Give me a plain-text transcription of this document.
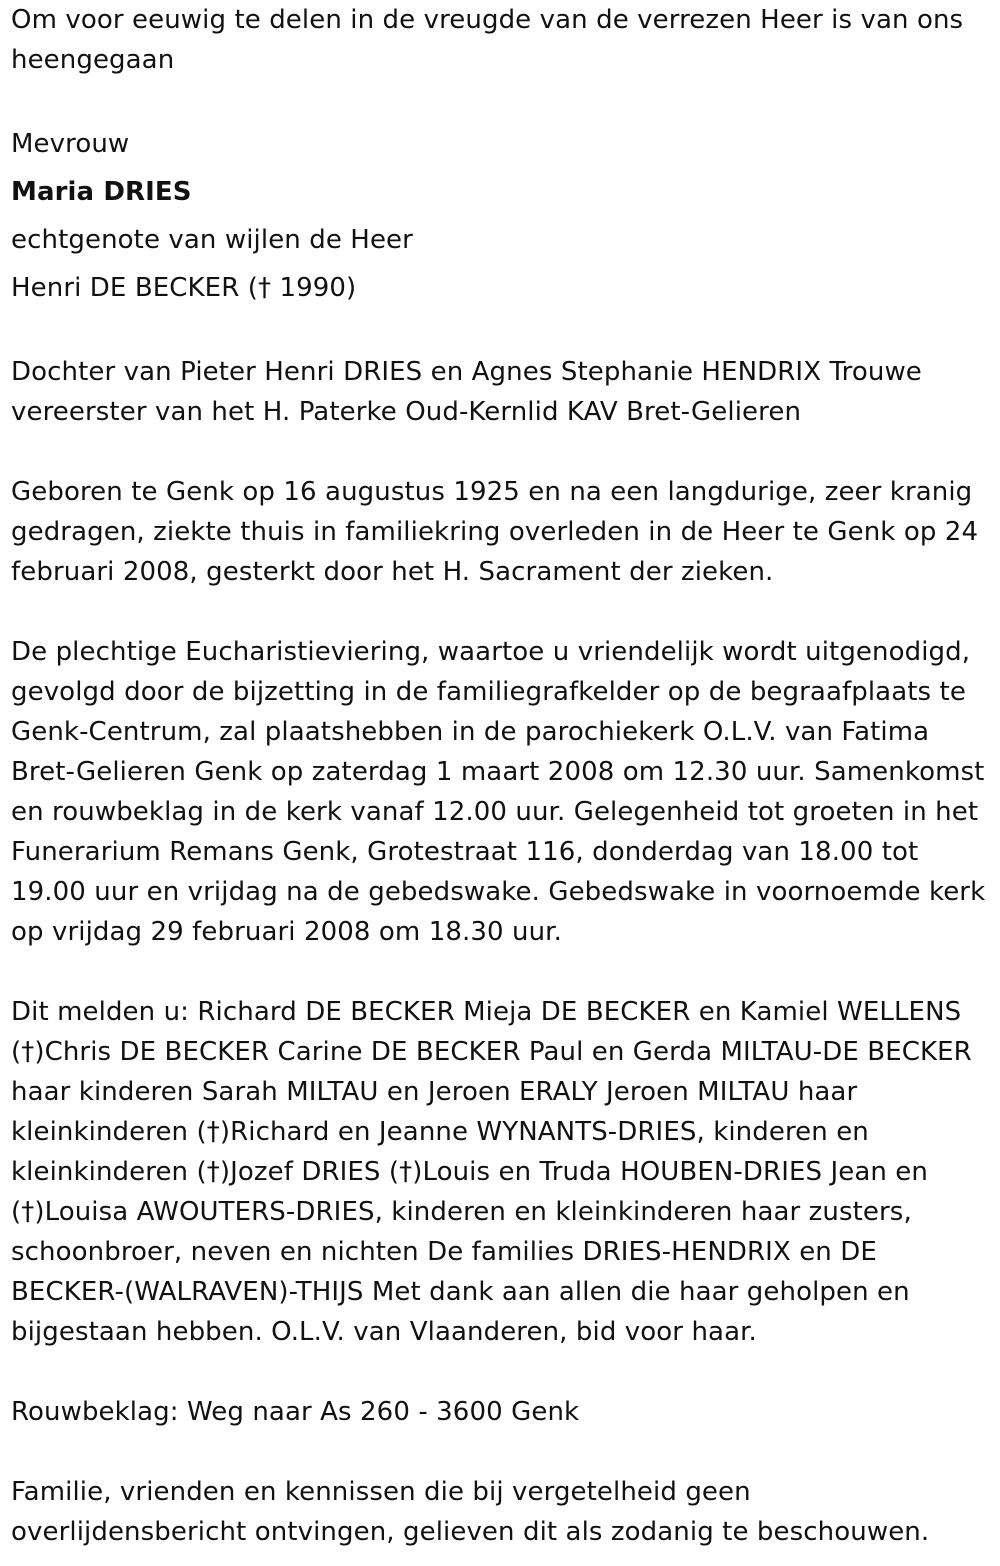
Om voor eeuwig te delen in de vreugde van de verrezen Heer is van ons heengegaan

Mevrouw
Maria DRIES
echtgenote van wijlen de Heer
Henri DE BECKER († 1990)

Dochter van Pieter Henri DRIES en Agnes Stephanie HENDRIX Trouwe vereerster van het H. Paterke Oud-Kernlid KAV Bret-Gelieren

Geboren te Genk op 16 augustus 1925 en na een langdurige, zeer kranig gedragen, ziekte thuis in familiekring overleden in de Heer te Genk op 24 februari 2008, gesterkt door het H. Sacrament der zieken.

De plechtige Eucharistieviering, waartoe u vriendelijk wordt uitgenodigd, gevolgd door de bijzetting in de familiegrafkelder op de begraafplaats te Genk-Centrum, zal plaatshebben in de parochiekerk O.L.V. van Fatima Bret-Gelieren Genk op zaterdag 1 maart 2008 om 12.30 uur. Samenkomst en rouwbeklag in de kerk vanaf 12.00 uur. Gelegenheid tot groeten in het Funerarium Remans Genk, Grotestraat 116, donderdag van 18.00 tot 19.00 uur en vrijdag na de gebedswake. Gebedswake in voornoemde kerk op vrijdag 29 februari 2008 om 18.30 uur.

Dit melden u: Richard DE BECKER Mieja DE BECKER en Kamiel WELLENS (†)Chris DE BECKER Carine DE BECKER Paul en Gerda MILTAU-DE BECKER haar kinderen Sarah MILTAU en Jeroen ERALY Jeroen MILTAU haar kleinkinderen (†)Richard en Jeanne WYNANTS-DRIES, kinderen en kleinkinderen (†)Jozef DRIES (†)Louis en Truda HOUBEN-DRIES Jean en (†)Louisa AWOUTERS-DRIES, kinderen en kleinkinderen haar zusters, schoonbroer, neven en nichten De families DRIES-HENDRIX en DE BECKER-(WALRAVEN)-THIJS Met dank aan allen die haar geholpen en bijgestaan hebben. O.L.V. van Vlaanderen, bid voor haar.

Rouwbeklag: Weg naar As 260 - 3600 Genk

Familie, vrienden en kennissen die bij vergetelheid geen overlijdensbericht ontvingen, gelieven dit als zodanig te beschouwen.
